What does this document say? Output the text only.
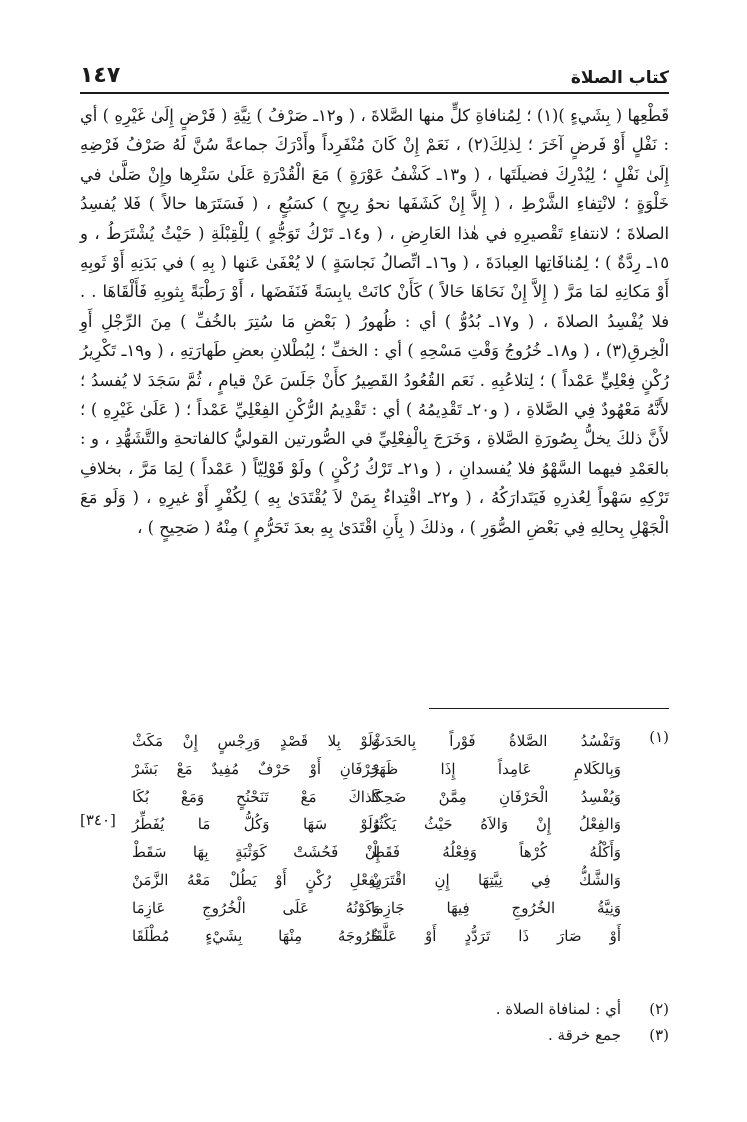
كتاب الصلاة
١٤٧

قَطْعِها ( بِشَيءٍ )(١) ؛ لِمُنافاةِ كلٍّ منها الصَّلاةَ ، ( و١٢ـ صَرْفُ ) نِيَّةِ ( فَرْضٍ إِلَىٰ غَيْرِهِ ) أي : نَفْلٍ أَوْ فَرضٍ آخَرَ ؛ لِذلِكَ(٢) ، نَعَمْ إِنْ كَانَ مُنْفَرِداً وأَدْرَكَ جماعةً سُنَّ لَهُ صَرْفُ فَرْضِهِ إِلَىٰ نَفْلٍ ؛ لِيُدْرِكَ فضيلَتَها ، ( و١٣ـ كَشْفُ عَوْرَةٍ ) مَعَ الْقُدْرَةِ عَلَىٰ سَتْرِها وإِنْ صَلَّىٰ في خَلْوَةٍ ؛ لانْتِفاءِ الشَّرْطِ ، ( إِلاَّ إِنْ كَشَفَها نحوُ رِيحٍ ) كسَبُعٍ ، ( فَسَتَرَها حالاً ) فَلا يُفسِدُ الصلاةَ ؛ لانتفاءِ تَقْصيرِهِ في هٰذا العَارِضِ ، ( و١٤ـ تَرْكُ تَوَجُّهٍ ) لِلْقِبْلَةِ ( حَيْثُ يُشْتَرَطُ ، و ١٥ـ رِدَّةٌ ) ؛ لِمُنافَاتِها العِبادَةَ ، ( و١٦ـ اتِّصالُ نَجاسَةٍ ) لا يُعْفَىٰ عَنها ( بِهِ ) في بَدَنِهِ أَوْ ثَوبِهِ أَوْ مَكانِهِ لمَا مَرَّ ( إِلاَّ إِنْ نَحَاهَا حَالاً ) كَأَنْ كانَتْ يابِسَةً فَنَفَضَها ، أَوْ رَطْبَةً بِثوبِهِ فَأَلْقَاهَا . . فلا يُفْسِدُ الصلاةَ ، ( و١٧ـ بُدُوُّ ) أي : ظُهورُ ( بَعْضِ مَا سُتِرَ بالخُفِّ ) مِنَ الرِّجْلِ أَوِ الْخِرقِ(٣) ، ( و١٨ـ خُرُوجُ وَقْتِ مَسْحِهِ ) أي : الخفِّ ؛ لِبُطْلانِ بعضِ طَهارَتِهِ ، ( و١٩ـ تَكْرِيرُ رُكْنٍ فِعْلِيٍّ عَمْداً ) ؛ لِتلاعُبِهِ . نَعَم القُعُودُ القَصِيرُ كأَنْ جَلَسَ عَنْ قيامٍ ، ثُمَّ سَجَدَ لا يُفسدُ ؛ لأَنَّهُ مَعْهُودٌ فِي الصَّلاةِ ، ( و٢٠ـ تَقْدِيمُهُ ) أي : تَقْدِيمُ الرُّكْنِ الفِعْلِيِّ عَمْداً ؛ ( عَلَىٰ غَيْرِهِ ) ؛ لأَنَّ ذلكَ يخلُّ بِصُورَةِ الصَّلاةِ ، وَخَرَجَ بِالْفِعْلِيِّ في الصُّورتين القوليُّ كالفاتحةِ والتَّشَهُّدِ ، و : بالعَمْدِ فيهما السَّهْوُ فلا يُفسدانِ ، ( و٢١ـ تَرْكُ رُكْنٍ ) ولَوْ قَوْلِيّاً ( عَمْداً ) لِمَا مَرَّ ، بخلافِ تَرْكِهِ سَهْواً لِعُذرِهِ فَيَتَدارَكُهُ ، ( و٢٢ـ اقْتِداءٌ بِمَنْ لاَ يُقْتَدَىٰ بِهِ ) لِكُفْرٍ أَوْ غيرِهِ ، ( وَلَو مَعَ الْجَهْلِ بِحالِهِ فِي بَعْضِ الصُّوَرِ ) ، وذلكَ ( بِأَنِ اقْتَدَىٰ بِهِ بعدَ تَحَرُّمٍ ) مِنْهُ ( صَحِيحٍ ) ،

(١)
وَتَفْسُدُ الصَّلاةُ فَوْراً بِالحَدَثْ
وَبِالكَلامِ عَامِداً إِذَا ظَهَرْ
وَيُفْسِدُ الْحَرْفَانِ مِمَّنْ ضَحِكَا
وَالفِعْلُ إِنْ وَالاَهُ حَيْثُ يَكْثُرُ
وَأَكْلُهُ كُرْهاً وَفِعْلُهُ فَقَطْ
وَالشَّكُّ فِي نِيَّتِهَا إِنِ اقْتَرَنْ
وَنِيَّةُ الخُرُوجِ فِيهَا جَازِما
أَوْ صَارَ ذَا تَرَدُّدٍ أَوْ عَلَّقَا
وَلَوْ بِلا قَصْدٍ وَرِجْسٍ إِنْ مَكَثْ
حَرْفَانِ أَوْ حَرْفٌ مُفِيدٌ مَعْ بَشَرْ
كَذاكَ مَعْ تَنَحْنُحٍ وَمَعْ بُكَا
وَلَوْ سَهَا وَكُلُّ مَا يُفَطِّرُ
إِنْ فَحُشَتْ كَوَثْبَةٍ بِهَا سَقَطْ
بِفِعْلِ رُكْنٍ أَوْ يَطُلْ مَعْهُ الزَّمَنْ
وَكَوْنُهُ عَلَى الْخُرُوجِ عَازِمَا
خُرُوجَهُ مِنْهَا بِشَيْءٍ مُطْلَقَا
[٣٤٠]
(٢)أي : لمنافاة الصلاة .
(٣)جمع خرقة .
